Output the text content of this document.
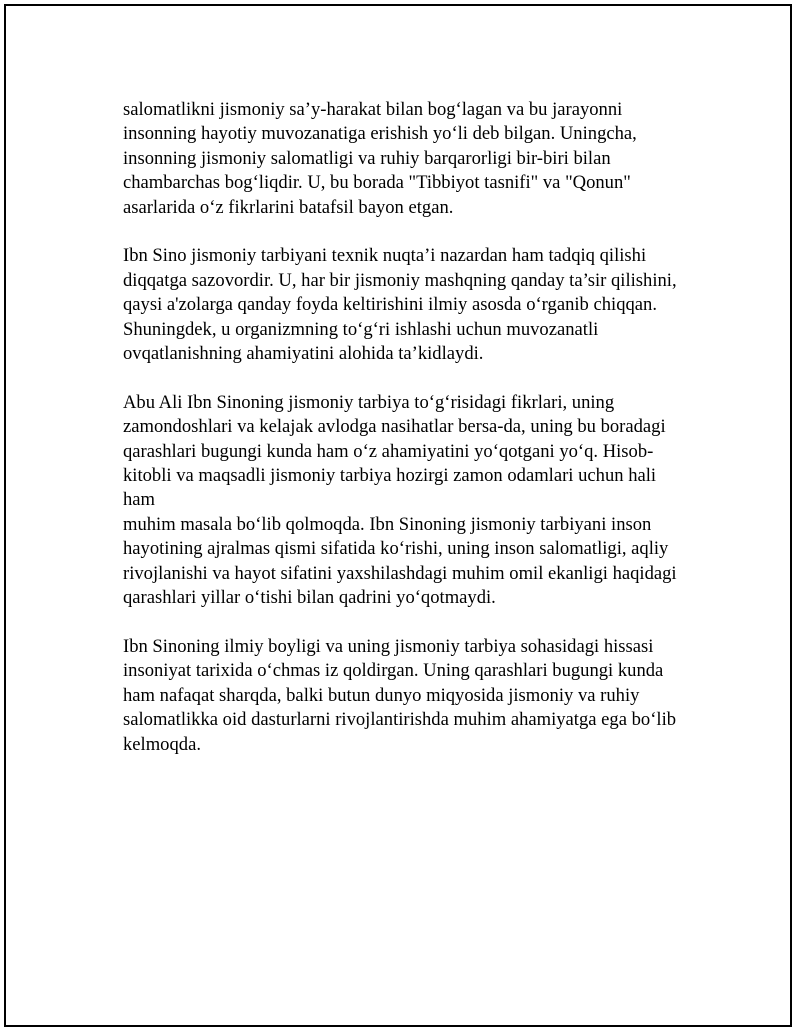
salomatlikni jismoniy sa’y-harakat bilan bog‘lagan va bu jarayonni
insonning hayotiy muvozanatiga erishish yo‘li deb bilgan. Uningcha,
insonning jismoniy salomatligi va ruhiy barqarorligi bir-biri bilan
chambarchas bog‘liqdir. U, bu borada "Tibbiyot tasnifi" va "Qonun"
asarlarida o‘z fikrlarini batafsil bayon etgan.

Ibn Sino jismoniy tarbiyani texnik nuqta’i nazardan ham tadqiq qilishi
diqqatga sazovordir. U, har bir jismoniy mashqning qanday ta’sir qilishini,
qaysi a'zolarga qanday foyda keltirishini ilmiy asosda o‘rganib chiqqan.
Shuningdek, u organizmning to‘g‘ri ishlashi uchun muvozanatli
ovqatlanishning ahamiyatini alohida ta’kidlaydi.

Abu Ali Ibn Sinoning jismoniy tarbiya to‘g‘risidagi fikrlari, uning
zamondoshlari va kelajak avlodga nasihatlar bersa-da, uning bu boradagi
qarashlari bugungi kunda ham o‘z ahamiyatini yo‘qotgani yo‘q. Hisob-
kitobli va maqsadli jismoniy tarbiya hozirgi zamon odamlari uchun hali ham
muhim masala bo‘lib qolmoqda. Ibn Sinoning jismoniy tarbiyani inson
hayotining ajralmas qismi sifatida ko‘rishi, uning inson salomatligi, aqliy
rivojlanishi va hayot sifatini yaxshilashdagi muhim omil ekanligi haqidagi
qarashlari yillar o‘tishi bilan qadrini yo‘qotmaydi.

Ibn Sinoning ilmiy boyligi va uning jismoniy tarbiya sohasidagi hissasi
insoniyat tarixida o‘chmas iz qoldirgan. Uning qarashlari bugungi kunda
ham nafaqat sharqda, balki butun dunyo miqyosida jismoniy va ruhiy
salomatlikka oid dasturlarni rivojlantirishda muhim ahamiyatga ega bo‘lib
kelmoqda.
